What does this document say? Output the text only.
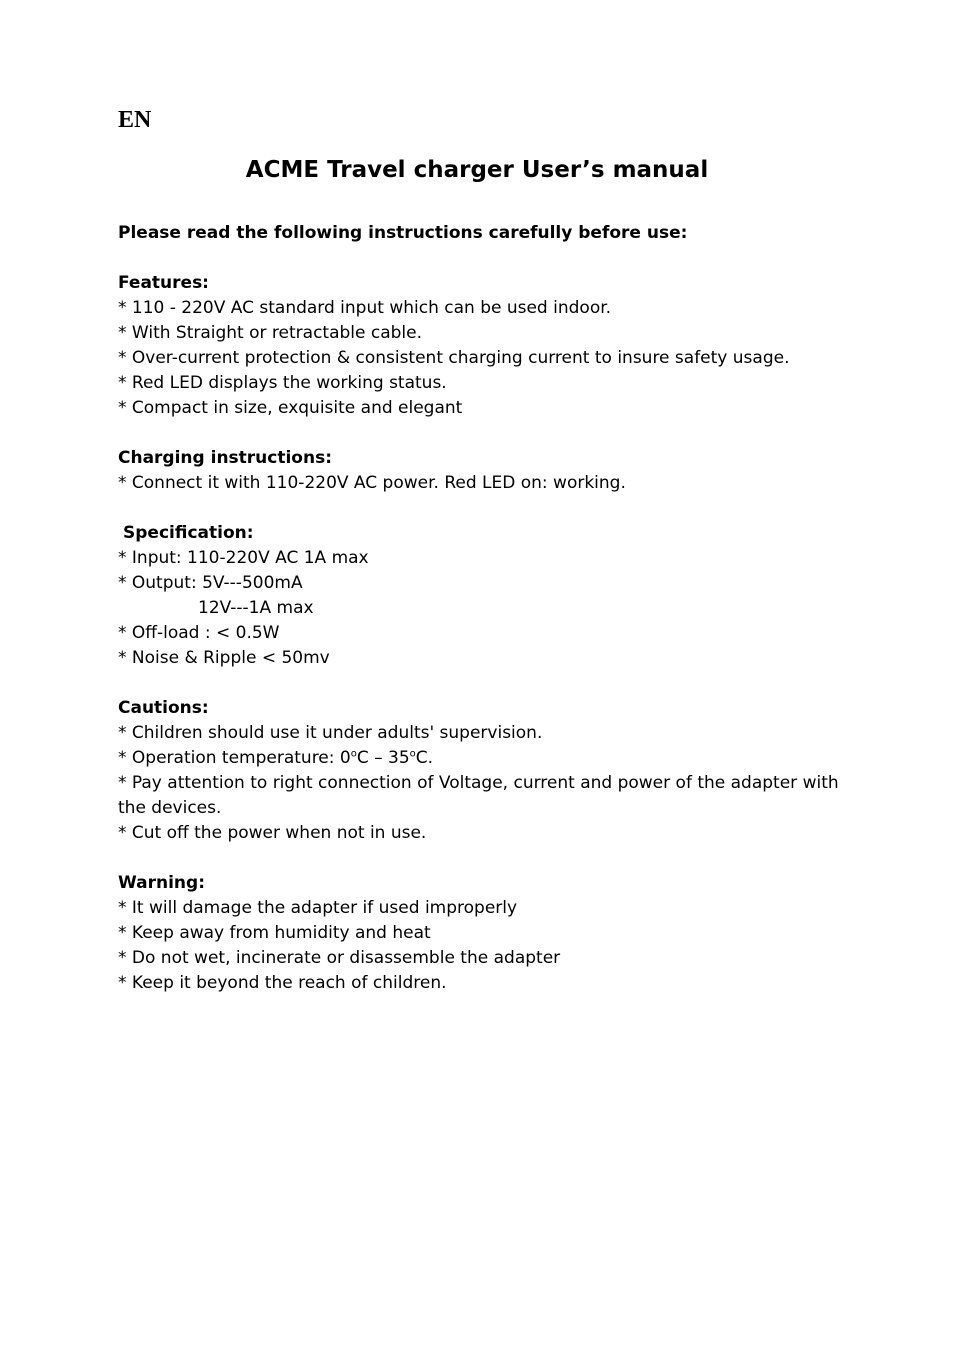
EN
ACME Travel charger User’s manual

Please read the following instructions carefully before use:

Features:

* 110 - 220V AC standard input which can be used indoor.

* With Straight or retractable cable.

* Over-current protection & consistent charging current to insure safety usage.

* Red LED displays the working status.

* Compact in size, exquisite and elegant

Charging instructions:

* Connect it with 110-220V AC power. Red LED on: working.

Specification:

* Input: 110-220V AC 1A max

* Output: 5V---500mA

12V---1A max

* Off-load : < 0.5W

* Noise & Ripple < 50mv

Cautions:

* Children should use it under adults' supervision.

* Operation temperature: 0$^o$C – 35$^o$C.

* Pay attention to right connection of Voltage, current and power of the adapter with the devices.

* Cut off the power when not in use.

Warning:

* It will damage the adapter if used improperly

* Keep away from humidity and heat

* Do not wet, incinerate or disassemble the adapter

* Keep it beyond the reach of children.
